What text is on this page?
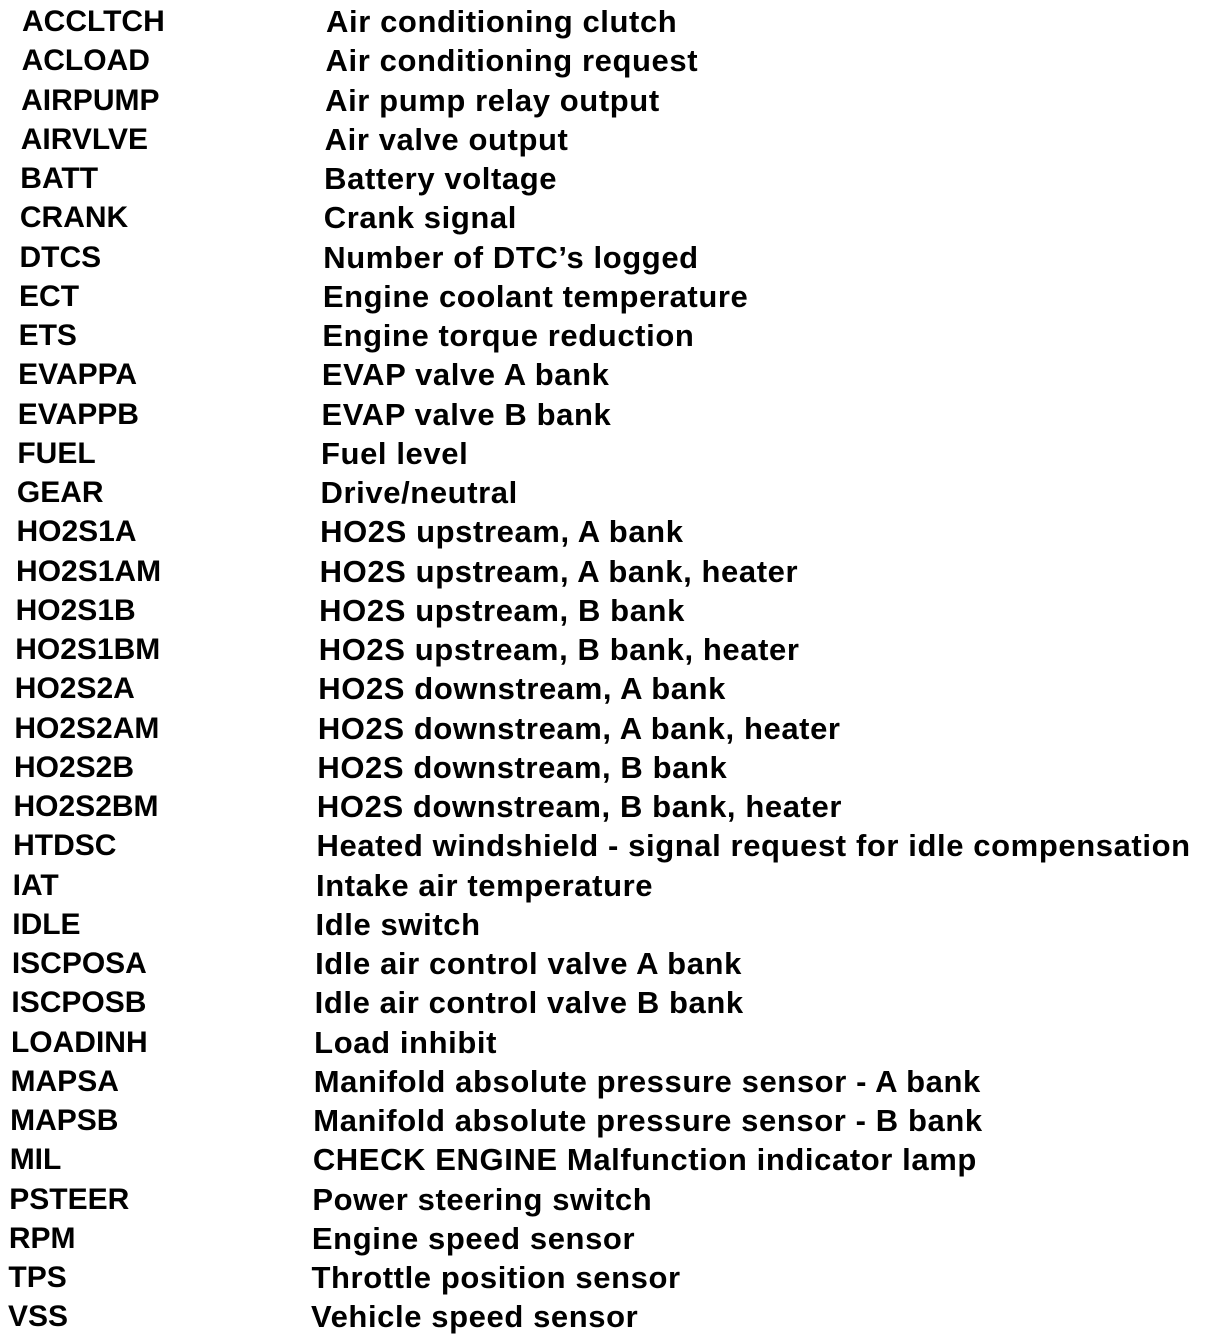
ACCLTCH	Air conditioning clutch
ACLOAD	Air conditioning request
AIRPUMP	Air pump relay output
AIRVLVE	Air valve output
BATT	Battery voltage
CRANK	Crank signal
DTCS	Number of DTC’s logged
ECT	Engine coolant temperature
ETS	Engine torque reduction
EVAPPA	EVAP valve A bank
EVAPPB	EVAP valve B bank
FUEL	Fuel level
GEAR	Drive/neutral
HO2S1A	HO2S upstream, A bank
HO2S1AM	HO2S upstream, A bank, heater
HO2S1B	HO2S upstream, B bank
HO2S1BM	HO2S upstream, B bank, heater
HO2S2A	HO2S downstream, A bank
HO2S2AM	HO2S downstream, A bank, heater
HO2S2B	HO2S downstream, B bank
HO2S2BM	HO2S downstream, B bank, heater
HTDSC	Heated windshield - signal request for idle compensation
IAT	Intake air temperature
IDLE	Idle switch
ISCPOSA	Idle air control valve A bank
ISCPOSB	Idle air control valve B bank
LOADINH	Load inhibit
MAPSA	Manifold absolute pressure sensor - A bank
MAPSB	Manifold absolute pressure sensor - B bank
MIL	CHECK ENGINE Malfunction indicator lamp
PSTEER	Power steering switch
RPM	Engine speed sensor
TPS	Throttle position sensor
VSS	Vehicle speed sensor
